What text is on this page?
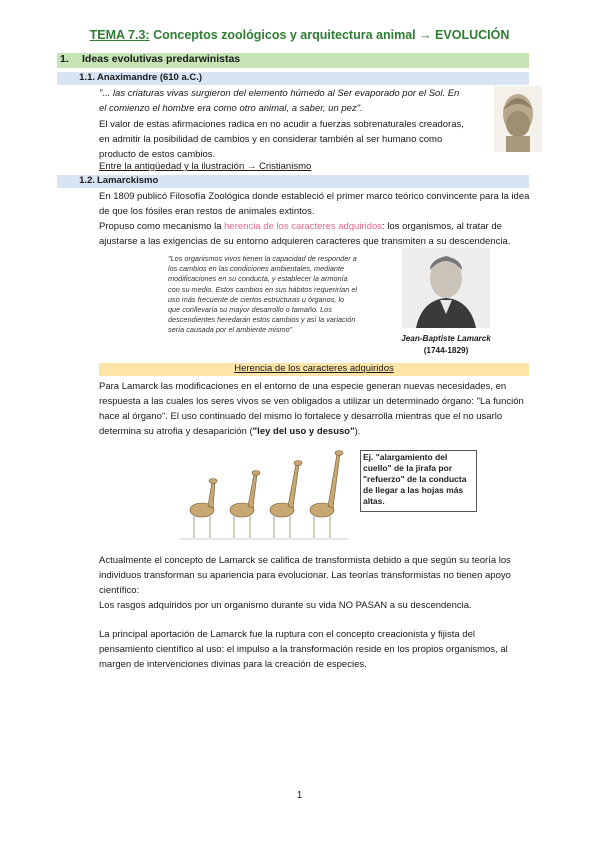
TEMA 7.3: Conceptos zoológicos y arquitectura animal → EVOLUCIÓN
1. Ideas evolutivas predarwinistas
1.1. Anaximandre (610 a.C.)
"... las criaturas vivas surgieron del elemento húmedo al Ser evaporado por el Sol. En
el comienzo el hombre era como otro animal, a saber, un pez".
El valor de estas afirmaciones radica en no acudir a fuerzas sobrenaturales creadoras,
en admitir la posibilidad de cambios y en considerar también al ser humano como
producto de estos cambios.
Entre la antigüedad y la ilustración → Cristianismo
1.2. Lamarckismo
En 1809 publicó Filosofía Zoológica donde estableció el primer marco teórico convincente para la idea
de que los fósiles eran restos de animales extintos.
Propuso como mecanismo la herencia de los caracteres adquiridos: los organismos, al tratar de
ajustarse a las exigencias de su entorno adquieren caracteres que transmiten a su descendencia.
"Los organismos vivos tienen la capacidad de responder a
los cambios en las condiciones ambientales, mediante
modificaciones en su conducta, y establecer la armonía
con su medio. Estos cambios en sus hábitos requerirían el
uso más frecuente de ciertos estructuras u órganos, lo
que conllevaría su mayor desarrollo o tamaño. Los
descendientes heredarán estos cambios y así la variación
sería causada por el ambiente mismo".
Jean-Baptiste Lamarck
(1744-1829)
Herencia de los caracteres adquiridos
Para Lamarck las modificaciones en el entorno de una especie generan nuevas necesidades, en
respuesta a las cuales los seres vivos se ven obligados a utilizar un determinado órgano: "La función
hace al órgano". El uso continuado del mismo lo fortalece y desarrolla mientras que el no usarlo
determina su atrofia y desaparición ("ley del uso y desuso").
Ej. "alargamiento del
cuello" de la jirafa por
"refuerzo" de la conducta
de llegar a las hojas más
altas.
Actualmente el concepto de Lamarck se califica de transformista debido a que según su teoría los
individuos transforman su apariencia para evolucionar. Las teorías transformistas no tienen apoyo
científico:
Los rasgos adquiridos por un organismo durante su vida NO PASAN a su descendencia.
La principal aportación de Lamarck fue la ruptura con el concepto creacionista y fijista del
pensamiento científico al uso: el impulso a la transformación reside en los propios organismos, al
margen de intervenciones divinas para la creación de especies.
1
